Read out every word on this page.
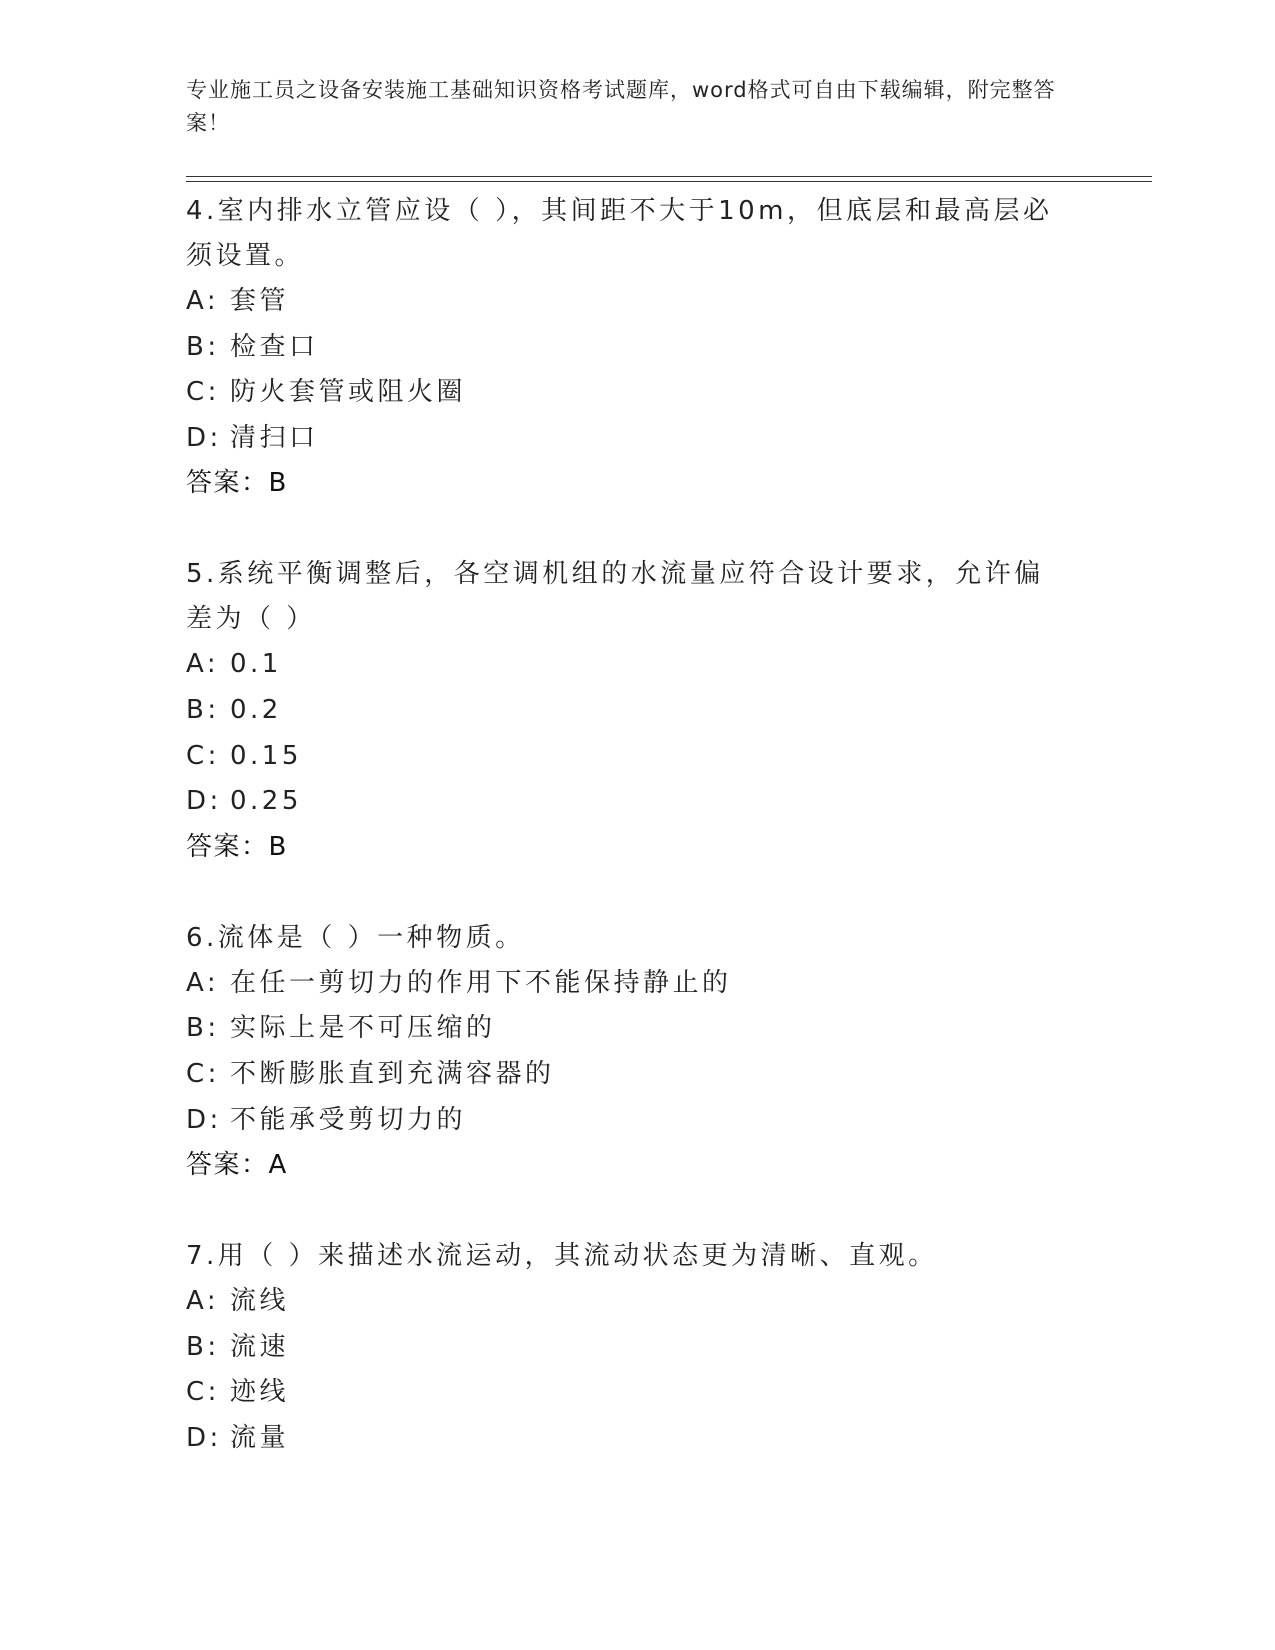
专业施工员之设备安装施工基础知识资格考试题库，word格式可自由下载编辑，附完整答案！

4.室内排水立管应设（ ），其间距不大于10m，但底层和最高层必须设置。

A: 套管

B: 检查口

C: 防火套管或阻火圈

D: 清扫口

答案：B

5.系统平衡调整后，各空调机组的水流量应符合设计要求，允许偏差为（ ）

A: 0.1

B: 0.2

C: 0.15

D: 0.25

答案：B

6.流体是（ ）一种物质。

A: 在任一剪切力的作用下不能保持静止的

B: 实际上是不可压缩的

C: 不断膨胀直到充满容器的

D: 不能承受剪切力的

答案：A

7.用（ ）来描述水流运动，其流动状态更为清晰、直观。

A: 流线

B: 流速

C: 迹线

D: 流量
